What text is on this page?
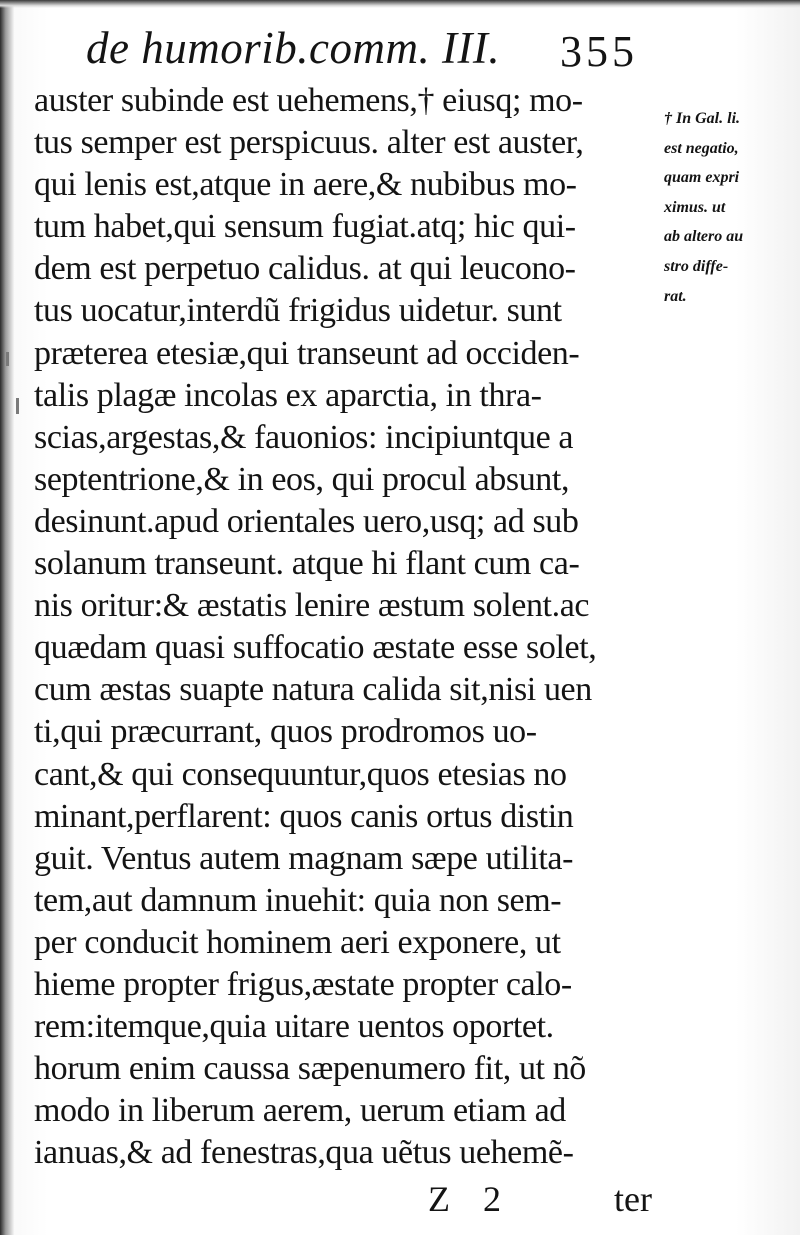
de humorib.comm. III. 355
auster subinde est uehemens,† eiusq; mo-
tus semper est perspicuus. alter est auster,
qui lenis est,atque in aere,& nubibus mo-
tum habet,qui sensum fugiat.atq; hic qui-
dem est perpetuo calidus. at qui leucono-
tus uocatur,interdũ frigidus uidetur. sunt
præterea etesiæ,qui transeunt ad occiden-
talis plagæ incolas ex aparctia, in thra-
scias,argestas,& fauonios: incipiuntque a
septentrione,& in eos, qui procul absunt,
desinunt.apud orientales uero,usq; ad sub
solanum transeunt. atque hi flant cum ca-
nis oritur:& æstatis lenire æstum solent.ac
quædam quasi suffocatio æstate esse solet,
cum æstas suapte natura calida sit,nisi uen
ti,qui præcurrant, quos prodromos uo-
cant,& qui consequuntur,quos etesias no
minant,perflarent: quos canis ortus distin
guit. Ventus autem magnam sæpe utilita-
tem,aut damnum inuehit: quia non sem-
per conducit hominem aeri exponere, ut
hieme propter frigus,æstate propter calo-
rem:itemque,quia uitare uentos oportet.
horum enim caussa sæpenumero fit, ut nõ
modo in liberum aerem, uerum etiam ad
ianuas,& ad fenestras,qua uẽtus uehemẽ-
† In Gal. li.
est negatio,
quam expri
ximus. ut
ab altero au
stro diffe-
rat.
Z 2	ter
